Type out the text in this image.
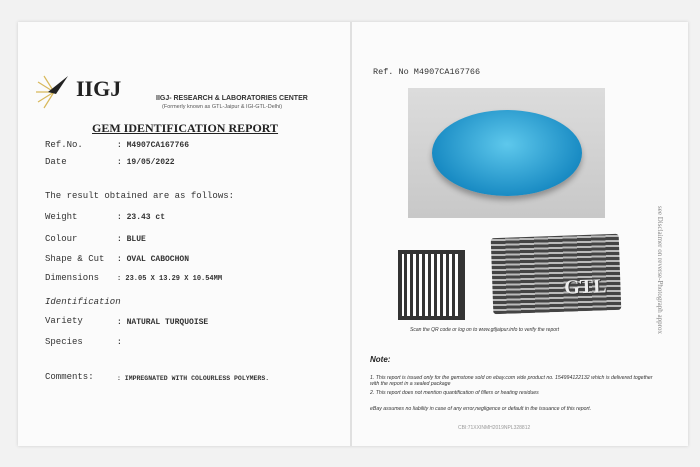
IIGJ	IIGJ- RESEARCH & LABORATORIES CENTER
(Formerly known as GTL-Jaipur & IGI-GTL-Delhi)
GEM IDENTIFICATION REPORT
Ref.No.	: M4907CA167766
Date	: 19/05/2022
The result obtained are as follows:
Weight	: 23.43 ct
Colour	: BLUE
Shape & Cut : OVAL CABOCHON
Dimensions	: 23.05 X 13.29 X 10.54MM
Identification
Variety	: NATURAL TURQUOISE
Species	:
Comments:	: IMPREGNATED WITH COLOURLESS POLYMERS.
Ref. No M4907CA167766
GTL
Scan the QR code or log on to www.gtljaipur.info to verify the report
Note:
1. This report is issued only for the gemstone sold on ebay.com vide product no. 154994122132 which is delivered together with the report in a sealed package
2. This report does not mention quantification of fillers or heating residues
eBay assumes no liability in case of any error,negligence or default in the issuance of this report.
CBI:71XXINMH2019NPL328812
see Disclaimer on reverse-Photograph approx
